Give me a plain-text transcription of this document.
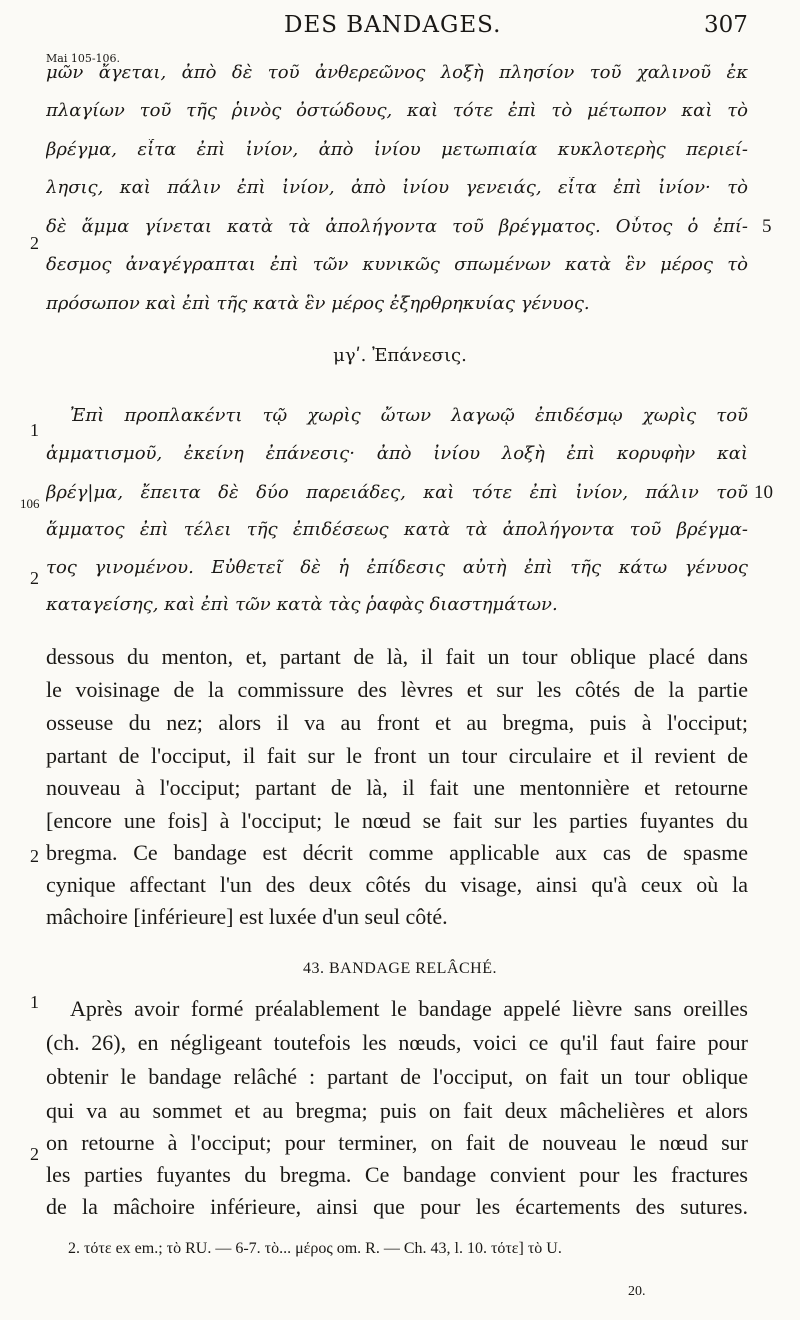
DES BANDAGES.	307
Mai 105-106.
μῶν ἄγεται, ἀπὸ δὲ τοῦ ἀνθερεῶνος λοξὴ πλησίον τοῦ χαλινοῦ ἐκ
πλαγίων τοῦ τῆς ῥινὸς ὀστώδους, καὶ τότε ἐπὶ τὸ μέτωπον καὶ τὸ
βρέγμα, εἶτα ἐπὶ ἰνίον, ἀπὸ ἰνίου μετωπιαία κυκλοτερὴς περιεί-
λησις, καὶ πάλιν ἐπὶ ἰνίον, ἀπὸ ἰνίου γενειάς, εἶτα ἐπὶ ἰνίον· τὸ
δὲ ἅμμα γίνεται κατὰ τὰ ἀπολήγοντα τοῦ βρέγματος. Οὗτος ὁ ἐπί-
δεσμος ἀναγέγραπται ἐπὶ τῶν κυνικῶς σπωμένων κατὰ ἓν μέρος τὸ
πρόσωπον καὶ ἐπὶ τῆς κατὰ ἓν μέρος ἐξηρθρηκυίας γένυος.
2
5
μγʹ. Ἐπάνεσις.
Ἐπὶ προπλακέντι τῷ χωρὶς ὤτων λαγωῷ ἐπιδέσμῳ χωρὶς τοῦ
ἁμματισμοῦ, ἐκείνη ἐπάνεσις· ἀπὸ ἰνίου λοξὴ ἐπὶ κορυφὴν καὶ
βρέγ|μα, ἔπειτα δὲ δύο παρειάδες, καὶ τότε ἐπὶ ἰνίον, πάλιν τοῦ
ἅμματος ἐπὶ τέλει τῆς ἐπιδέσεως κατὰ τὰ ἀπολήγοντα τοῦ βρέγμα-
τος γινομένου. Εὐθετεῖ δὲ ἡ ἐπίδεσις αὐτὴ ἐπὶ τῆς κάτω γένυος
καταγείσης, καὶ ἐπὶ τῶν κατὰ τὰς ῥαφὰς διαστημάτων.
1
106
2
10
dessous du menton, et, partant de là, il fait un tour oblique placé dans
le voisinage de la commissure des lèvres et sur les côtés de la partie
osseuse du nez; alors il va au front et au bregma, puis à l'occiput;
partant de l'occiput, il fait sur le front un tour circulaire et il revient de
nouveau à l'occiput; partant de là, il fait une mentonnière et retourne
[encore une fois] à l'occiput; le nœud se fait sur les parties fuyantes du
bregma. Ce bandage est décrit comme applicable aux cas de spasme
cynique affectant l'un des deux côtés du visage, ainsi qu'à ceux où la
mâchoire [inférieure] est luxée d'un seul côté.
2
43. BANDAGE RELÂCHÉ.
Après avoir formé préalablement le bandage appelé lièvre sans oreilles
(ch. 26), en négligeant toutefois les nœuds, voici ce qu'il faut faire pour
obtenir le bandage relâché : partant de l'occiput, on fait un tour oblique
qui va au sommet et au bregma; puis on fait deux mâchelières et alors
on retourne à l'occiput; pour terminer, on fait de nouveau le nœud sur
les parties fuyantes du bregma. Ce bandage convient pour les fractures
de la mâchoire inférieure, ainsi que pour les écartements des sutures.
1
2
2. τότε ex em.; τὸ RU. — 6-7. τὸ... μέρος om. R. — Ch. 43, l. 10. τότε] τὸ U.
20.
